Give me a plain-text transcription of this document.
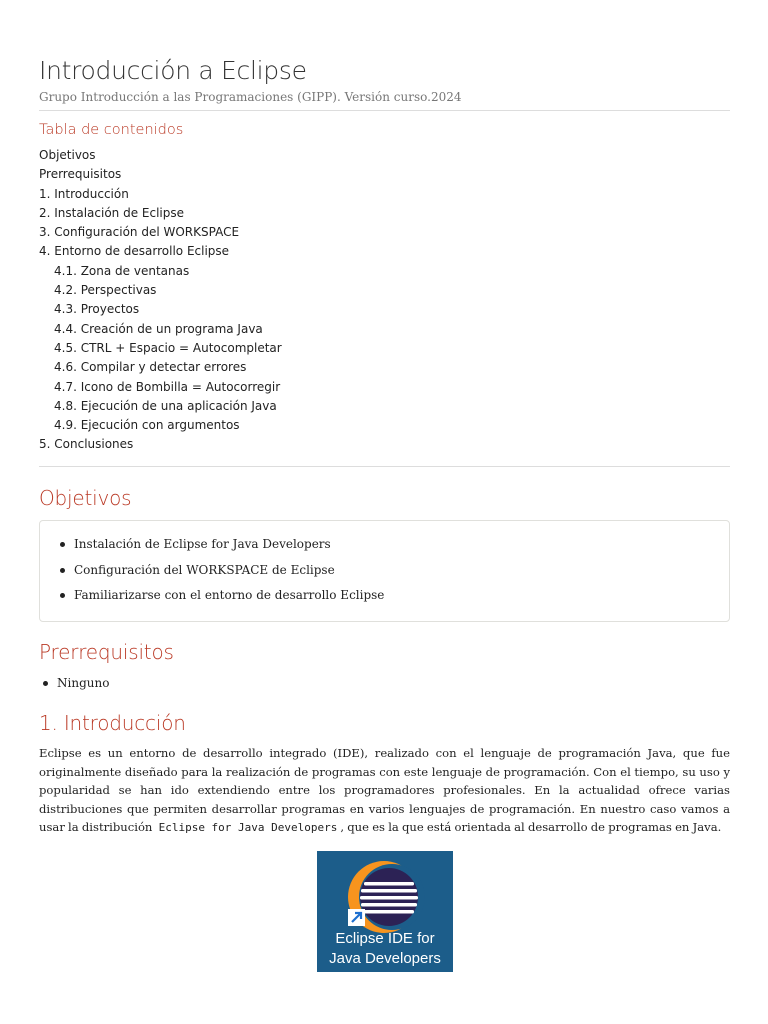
Introducción a Eclipse
Grupo Introducción a las Programaciones (GIPP). Versión curso.2024
Tabla de contenidos
Objetivos
Prerrequisitos
1. Introducción
2. Instalación de Eclipse
3. Configuración del WORKSPACE
4. Entorno de desarrollo Eclipse
4.1. Zona de ventanas
4.2. Perspectivas
4.3. Proyectos
4.4. Creación de un programa Java
4.5. CTRL + Espacio = Autocompletar
4.6. Compilar y detectar errores
4.7. Icono de Bombilla = Autocorregir
4.8. Ejecución de una aplicación Java
4.9. Ejecución con argumentos
5. Conclusiones
Objetivos
Instalación de Eclipse for Java Developers
Configuración del WORKSPACE de Eclipse
Familiarizarse con el entorno de desarrollo Eclipse
Prerrequisitos
Ninguno
1. Introducción

Eclipse es un entorno de desarrollo integrado (IDE), realizado con el lenguaje de programación Java, que fue originalmente diseñado para la realización de programas con este lenguaje de programación. Con el tiempo, su uso y popularidad se han ido extendiendo entre los programadores profesionales. En la actualidad ofrece varias distribuciones que permiten desarrollar programas en varios lenguajes de programación. En nuestro caso vamos a usar la distribución Eclipse for Java Developers , que es la que está orientada al desarrollo de programas en Java.

Eclipse IDE for
Java Developers
